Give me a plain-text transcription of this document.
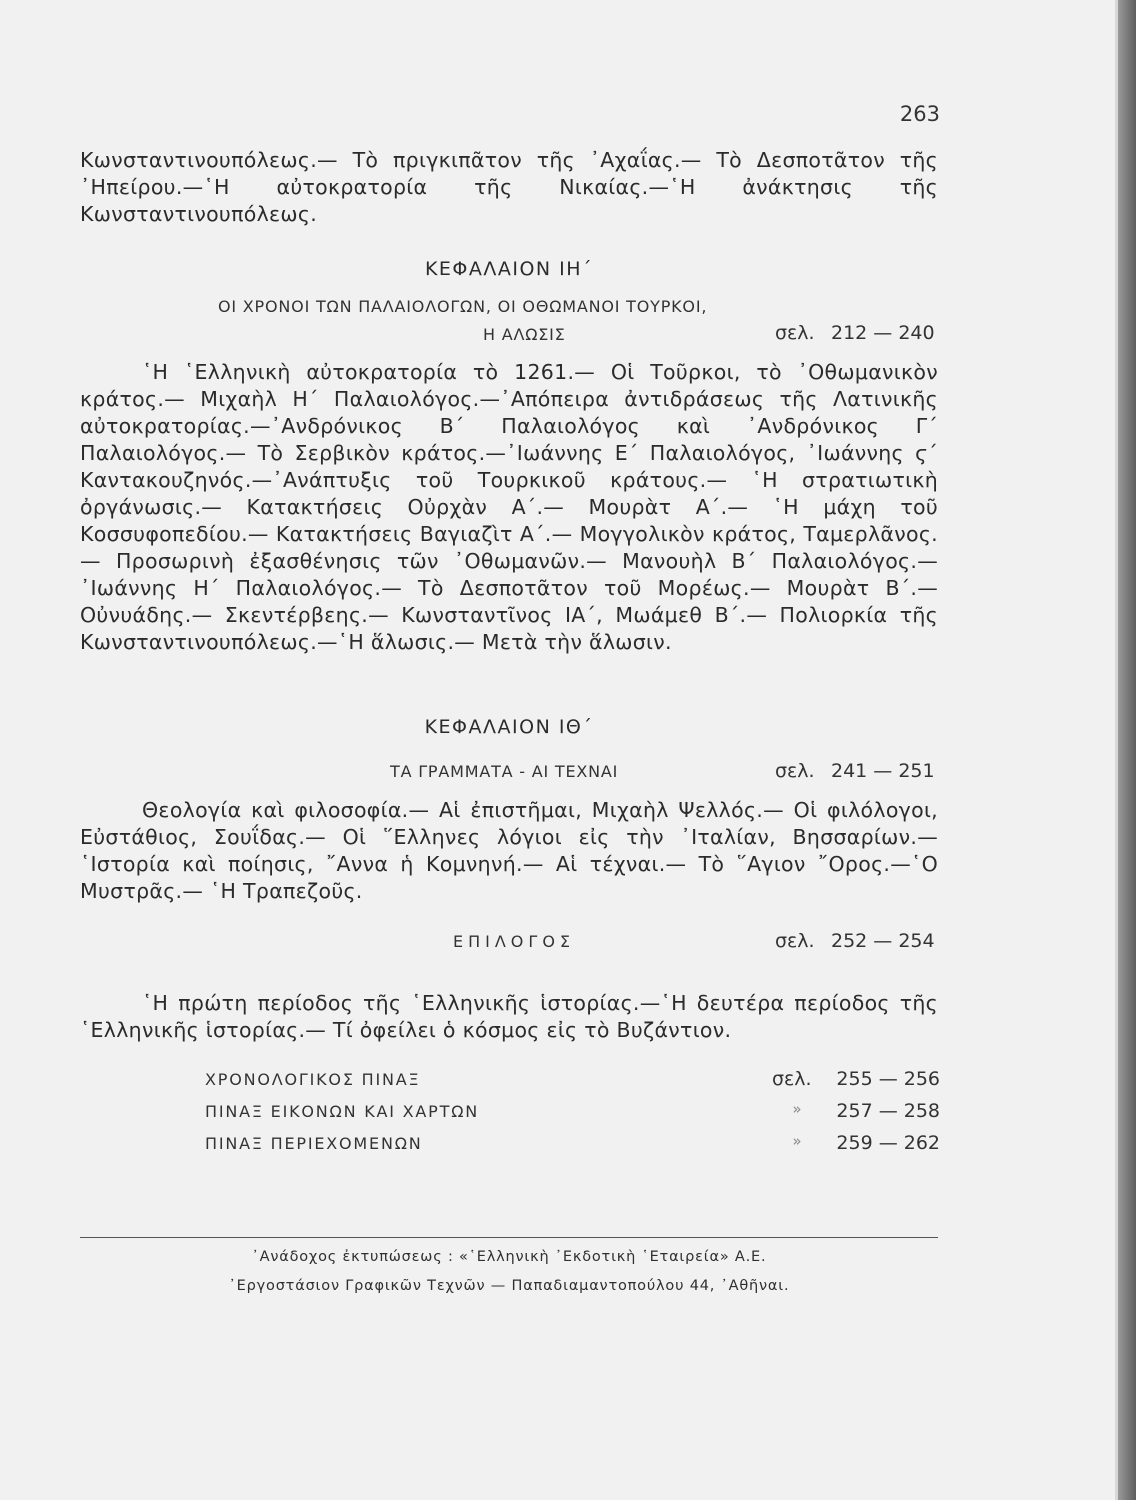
263

Κωνσταντινουπόλεως.— Τὸ πριγκιπᾶτον τῆς ᾿Αχαΐας.— Τὸ Δεσποτᾶτον τῆς ᾿Ηπείρου.—῾Η αὐτοκρατορία τῆς Νικαίας.—῾Η ἀνάκτησις τῆς Κωνσταντινουπόλεως.

ΚΕΦΑΛΑΙΟΝ ΙΗ΄
ΟΙ ΧΡΟΝΟΙ ΤΩΝ ΠΑΛΑΙΟΛΟΓΩΝ, ΟΙ ΟΘΩΜΑΝΟΙ ΤΟΥΡΚΟΙ,
Η ΑΛΩΣΙΣ	σελ. 212 — 240

῾Η ῾Ελληνικὴ αὐτοκρατορία τὸ 1261.— Οἱ Τοῦρκοι, τὸ ᾿Οθωμανικὸν κράτος.— Μιχαὴλ Η΄ Παλαιολόγος.—᾿Απόπειρα ἀντιδράσεως τῆς Λατινικῆς αὐτοκρατορίας.—᾿Ανδρόνικος Β΄ Παλαιολόγος καὶ ᾿Ανδρόνικος Γ΄ Παλαιολόγος.— Τὸ Σερβικὸν κράτος.—᾿Ιωάννης Ε΄ Παλαιολόγος, ᾿Ιωάννης ϛ΄ Καντακουζηνός.—᾿Ανάπτυξις τοῦ Τουρκικοῦ κράτους.— ῾Η στρατιωτικὴ ὀργάνωσις.— Κατακτήσεις Οὐρχὰν Α΄.— Μουρὰτ Α΄.— ῾Η μάχη τοῦ Κοσσυφοπεδίου.— Κατακτήσεις Βαγιαζὶτ Α΄.— Μογγολικὸν κράτος, Ταμερλᾶνος.— Προσωρινὴ ἐξασθένησις τῶν ᾿Οθωμανῶν.— Μανουὴλ Β΄ Παλαιολόγος.—᾿Ιωάννης Η΄ Παλαιολόγος.— Τὸ Δεσποτᾶτον τοῦ Μορέως.— Μουρὰτ Β΄.— Οὐνυάδης.— Σκεντέρβεης.— Κωνσταντῖνος ΙΑ΄, Μωάμεθ Β΄.— Πολιορκία τῆς Κωνσταντινουπόλεως.—῾Η ἅλωσις.— Μετὰ τὴν ἅλωσιν.

ΚΕΦΑΛΑΙΟΝ ΙΘ΄
ΤΑ ΓΡΑΜΜΑΤΑ - ΑΙ ΤΕΧΝΑΙ	σελ. 241 — 251

Θεολογία καὶ φιλοσοφία.— Αἱ ἐπιστῆμαι, Μιχαὴλ Ψελλός.— Οἱ φιλόλογοι, Εὐστάθιος, Σουΐδας.— Οἱ ῞Ελληνες λόγιοι εἰς τὴν ᾿Ιταλίαν, Βησσαρίων.—῾Ιστορία καὶ ποίησις, ῎Αννα ἡ Κομνηνή.— Αἱ τέχναι.— Τὸ ῞Αγιον ῎Ορος.—῾Ο Μυστρᾶς.— ῾Η Τραπεζοῦς.

ΕΠΙΛΟΓΟΣ	σελ. 252 — 254

῾Η πρώτη περίοδος τῆς ῾Ελληνικῆς ἱστορίας.—῾Η δευτέρα περίοδος τῆς ῾Ελληνικῆς ἱστορίας.— Τί ὀφείλει ὁ κόσμος εἰς τὸ Βυζάντιον.

ΧΡΟΝΟΛΟΓΙΚΟΣ ΠΙΝΑΞ	σελ.	255 — 256
ΠΙΝΑΞ ΕΙΚΟΝΩΝ ΚΑΙ ΧΑΡΤΩΝ	»	257 — 258
ΠΙΝΑΞ ΠΕΡΙΕΧΟΜΕΝΩΝ	»	259 — 262
᾿Ανάδοχος ἐκτυπώσεως : «῾Ελληνικὴ ᾿Εκδοτικὴ ῾Εταιρεία» Α.Ε.
᾿Εργοστάσιον Γραφικῶν Τεχνῶν — Παπαδιαμαντοπούλου 44, ᾿Αθῆναι.
